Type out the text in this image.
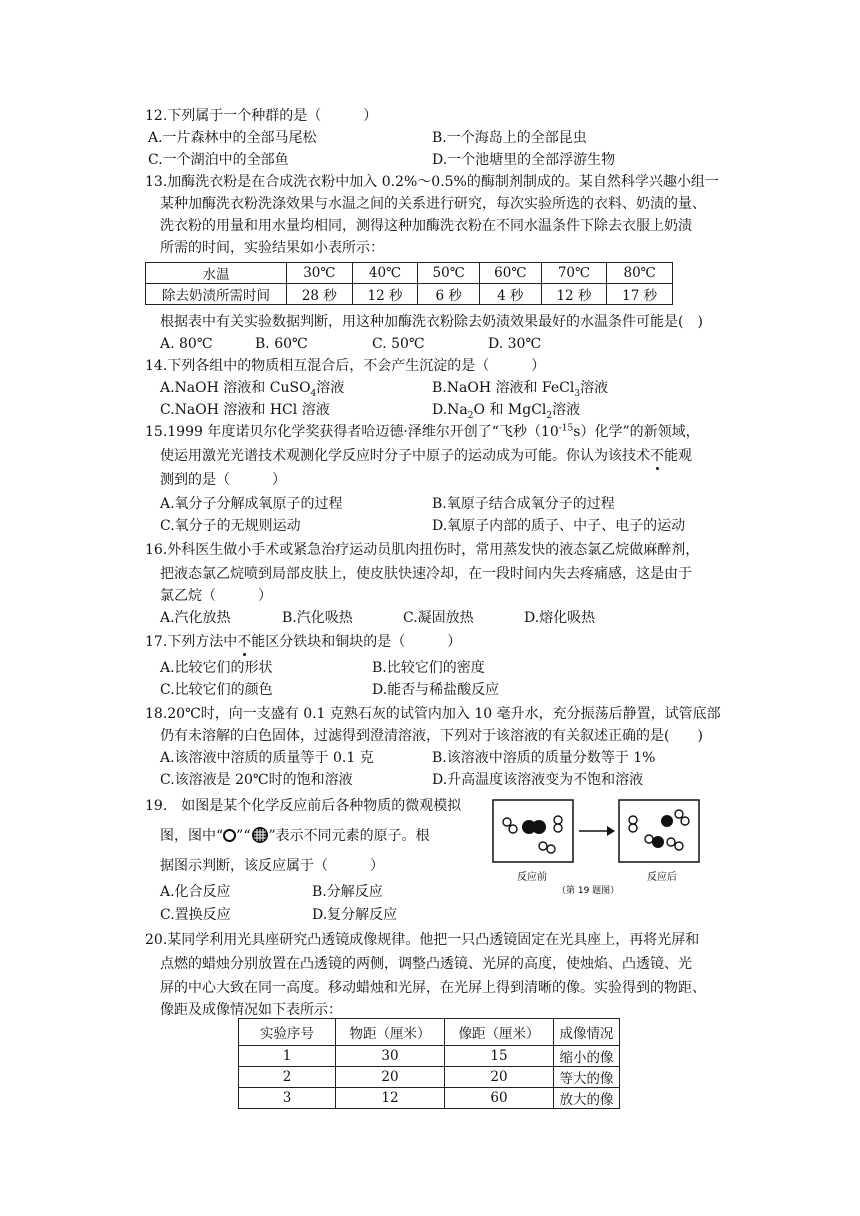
12.下列属于一个种群的是（　　　）
A.一片森林中的全部马尾松	B.一个海岛上的全部昆虫
C.一个湖泊中的全部鱼	D.一个池塘里的全部浮游生物
13.加酶洗衣粉是在合成洗衣粉中加入 0.2%～0.5%的酶制剂制成的。某自然科学兴趣小组一
某种加酶洗衣粉洗涤效果与水温之间的关系进行研究，每次实验所选的衣料、奶渍的量、
洗衣粉的用量和用水量均相同，测得这种加酶洗衣粉在不同水温条件下除去衣服上奶渍
所需的时间，实验结果如小表所示：
水温	30℃	40℃	50℃	60℃	70℃	80℃
除去奶渍所需时间	28 秒	12 秒	6 秒	4 秒	12 秒	17 秒
根据表中有关实验数据判断，用这种加酶洗衣粉除去奶渍效果最好的水温条件可能是(　)
A. 80℃	B. 60℃	C. 50℃	D. 30℃
14.下列各组中的物质相互混合后，不会产生沉淀的是（　　　）
A.NaOH 溶液和 CuSO$_4$溶液	B.NaOH 溶液和 FeCl$_3$溶液
C.NaOH 溶液和 HCl 溶液	$D.Na_2O$ 和 MgCl$_2$溶液
15.1999 年度诺贝尔化学奖获得者哈迈德·泽维尔开创了“飞秒$(10^{-15}s)$化学”的新领域，
使运用激光光谱技术观测化学反应时分子中原子的运动成为可能。你认为该技术不能观
测到的是（　　　）
A.氧分子分解成氧原子的过程	B.氧原子结合成氧分子的过程
C.氧分子的无规则运动	D.氧原子内部的质子、中子、电子的运动
16.外科医生做小手术或紧急治疗运动员肌肉扭伤时，常用蒸发快的液态氯乙烷做麻醉剂，
把液态氯乙烷喷到局部皮肤上，使皮肤快速冷却，在一段时间内失去疼痛感，这是由于
氯乙烷（　　　）
A.汽化放热	B.汽化吸热	C.凝固放热	D.熔化吸热
17.下列方法中不能区分铁块和铜块的是（　　　）
A.比较它们的形状	B.比较它们的密度
C.比较它们的颜色	D.能否与稀盐酸反应
18.20℃时，向一支盛有 0.1 克熟石灰的试管内加入 10 毫升水，充分振荡后静置，试管底部
仍有未溶解的白色固体，过滤得到澄清溶液，下列对于该溶液的有关叙述正确的是(　　)
A.该溶液中溶质的质量等于 0.1 克	B.该溶液中溶质的质量分数等于 1%
C.该溶液是 20℃时的饱和溶液	D.升高温度该溶液变为不饱和溶液
19.　如图是某个化学反应前后各种物质的微观模拟
图，图中“ ”“ ”表示不同元素的原子。根
据图示判断，该反应属于（　　　）
A.化合反应	B.分解反应
C.置换反应	D.复分解反应
反应前	反应后
（第 19 题图）
20.某同学利用光具座研究凸透镜成像规律。他把一只凸透镜固定在光具座上，再将光屏和
点燃的蜡烛分别放置在凸透镜的两侧，调整凸透镜、光屏的高度，使烛焰、凸透镜、光
屏的中心大致在同一高度。移动蜡烛和光屏，在光屏上得到清晰的像。实验得到的物距、
像距及成像情况如下表所示：
实验序号	物距（厘米）	像距（厘米）	成像情况
1	30	15	缩小的像
2	20	20	等大的像
3	12	60	放大的像
